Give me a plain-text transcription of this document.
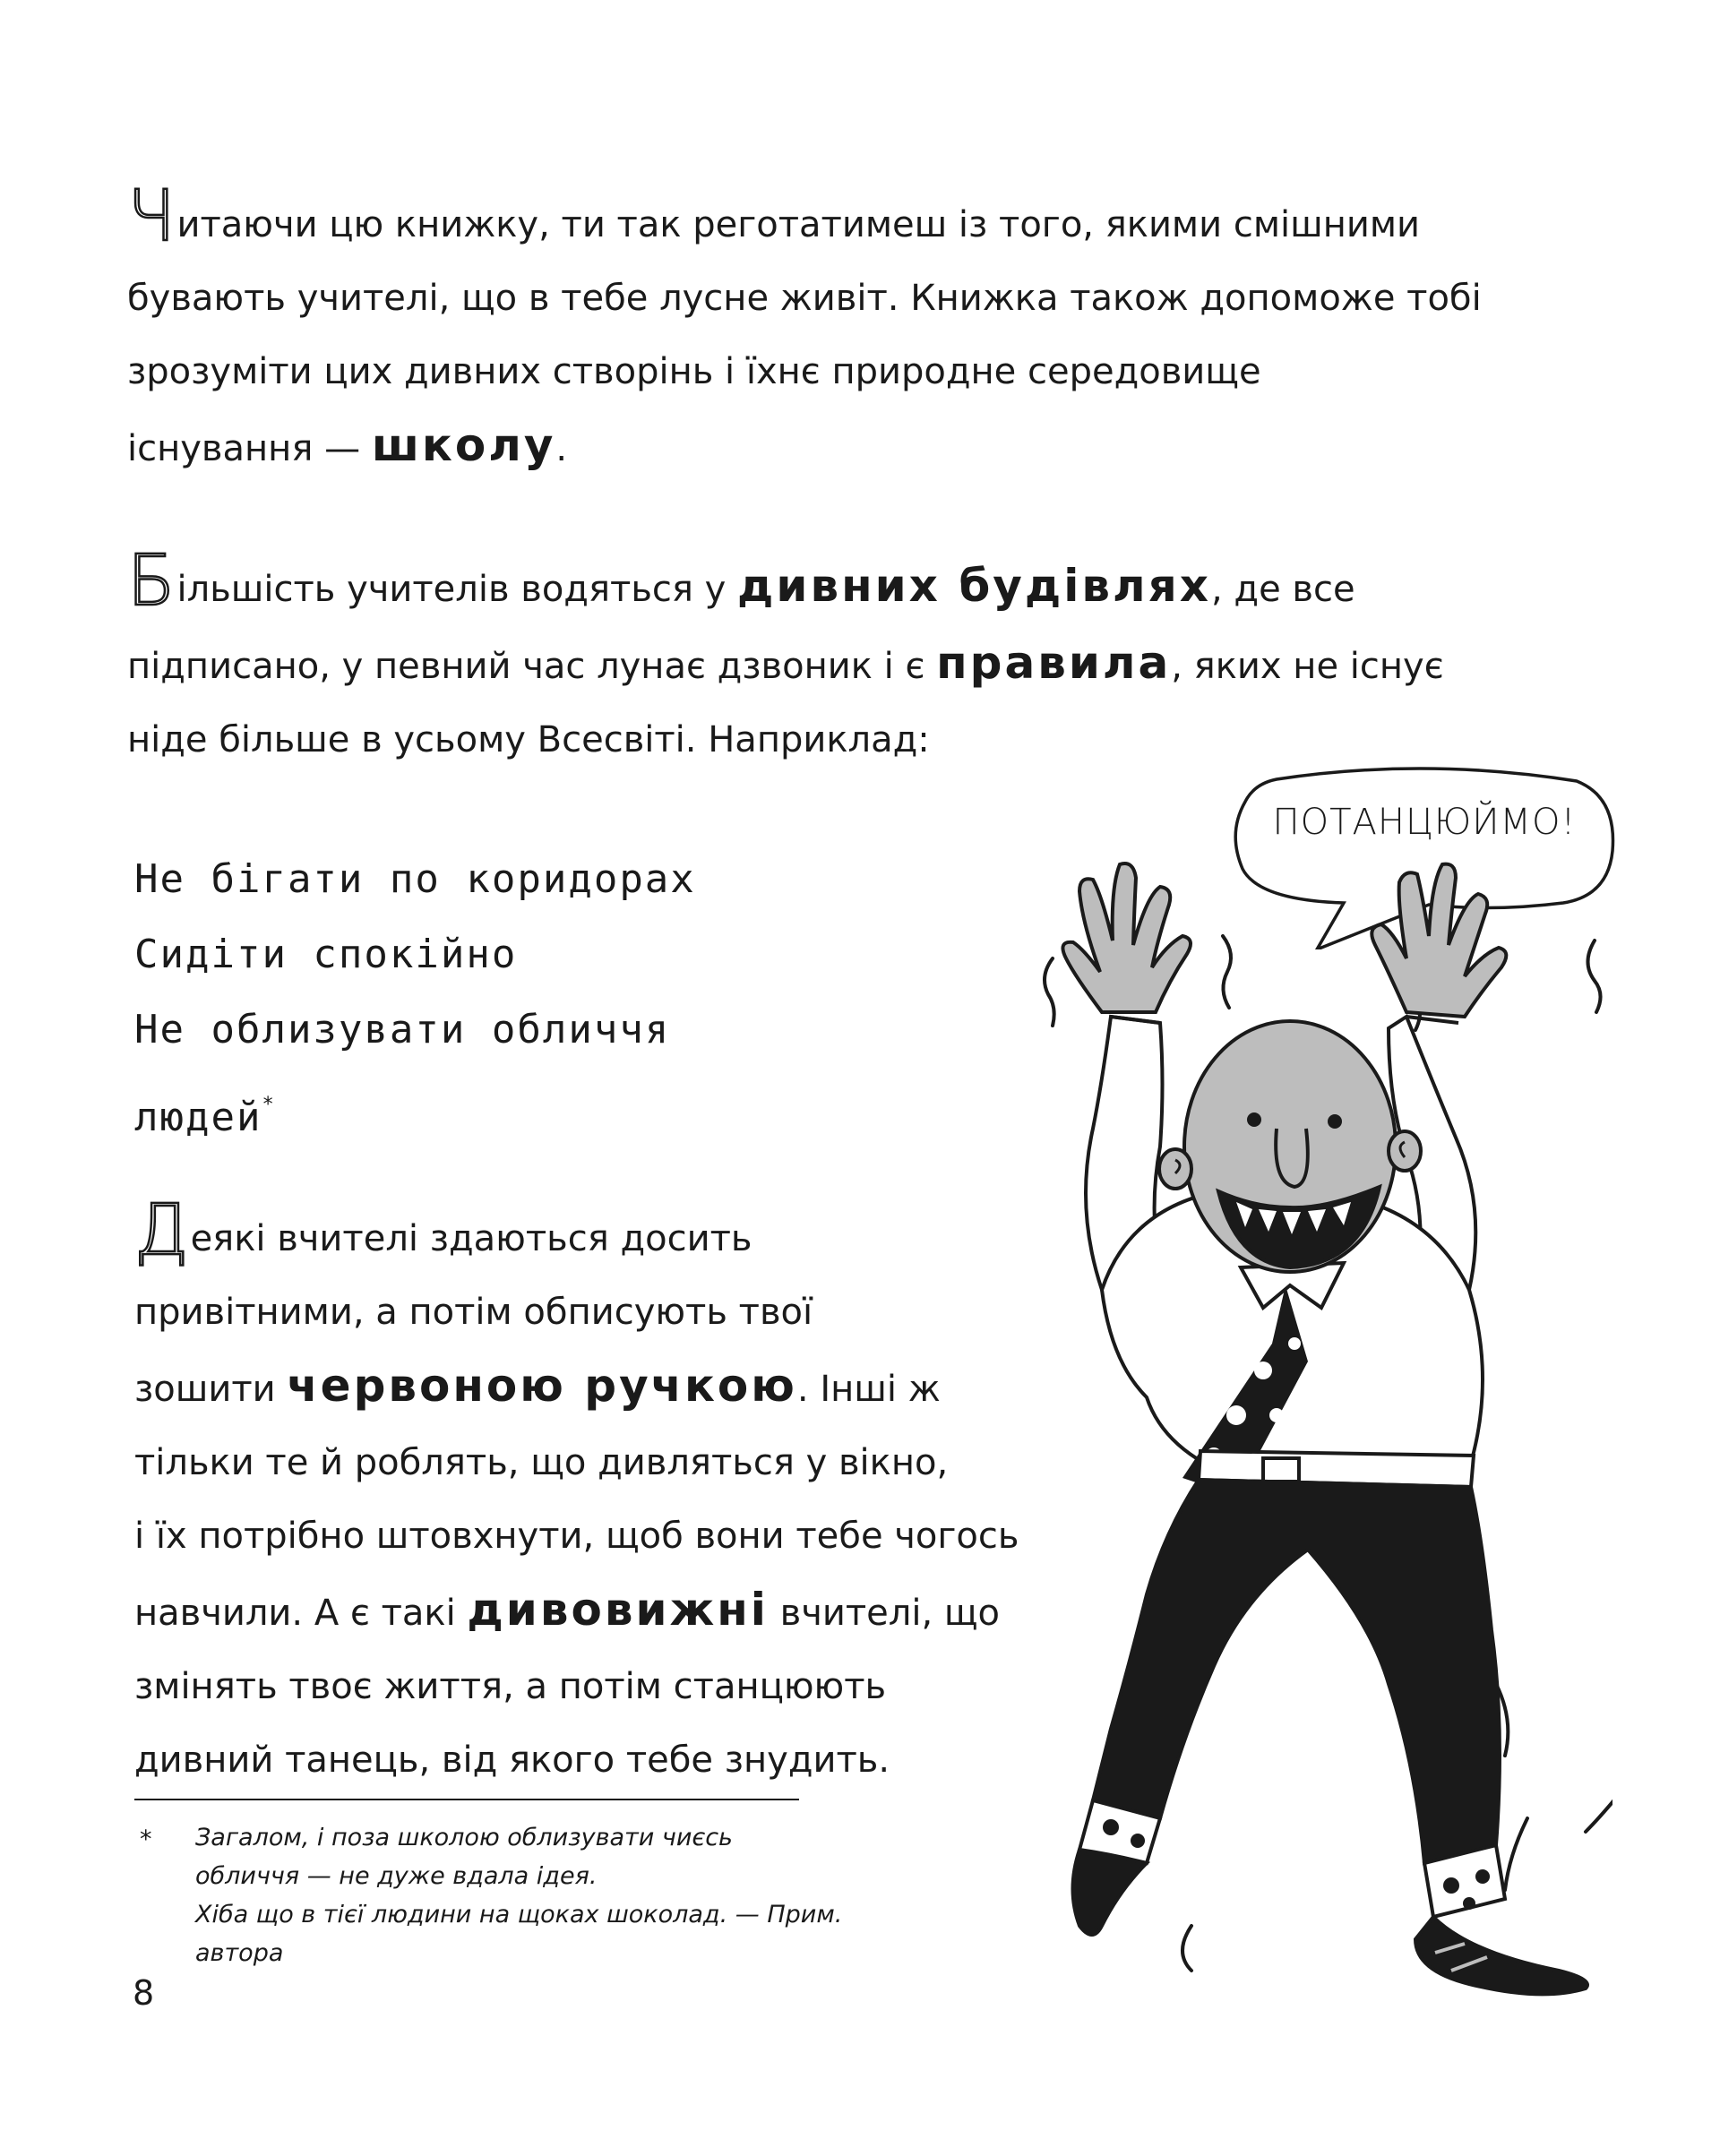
Читаючи цю книжку, ти так реготатимеш із того, якими смішними
бувають учителі, що в тебе лусне живіт. Книжка також допоможе тобі
зрозуміти цих дивних створінь і їхнє природне середовище
існування — школу.
Більшість учителів водяться у дивних будівлях, де все
підписано, у певний час лунає дзвоник і є правила, яких не існує
ніде більше в усьому Всесвіті. Наприклад:
Не бігати по коридорах
Сидіти спокійно
Не облизувати обличчя
людей*
Деякі вчителі здаються досить
привітними, а потім обписують твої
зошити червоною ручкою. Інші ж
тільки те й роблять, що дивляться у вікно,
і їх потрібно штовхнути, щоб вони тебе чогось
навчили. А є такі дивовижні вчителі, що
змінять твоє життя, а потім станцюють
дивний танець, від якого тебе знудить.
* Загалом, і поза школою облизувати чиєсь
обличчя — не дуже вдала ідея.
Хіба що в тієї людини на щоках шоколад. — Прим.
автора
8
ПОТАНЦЮЙМО!
